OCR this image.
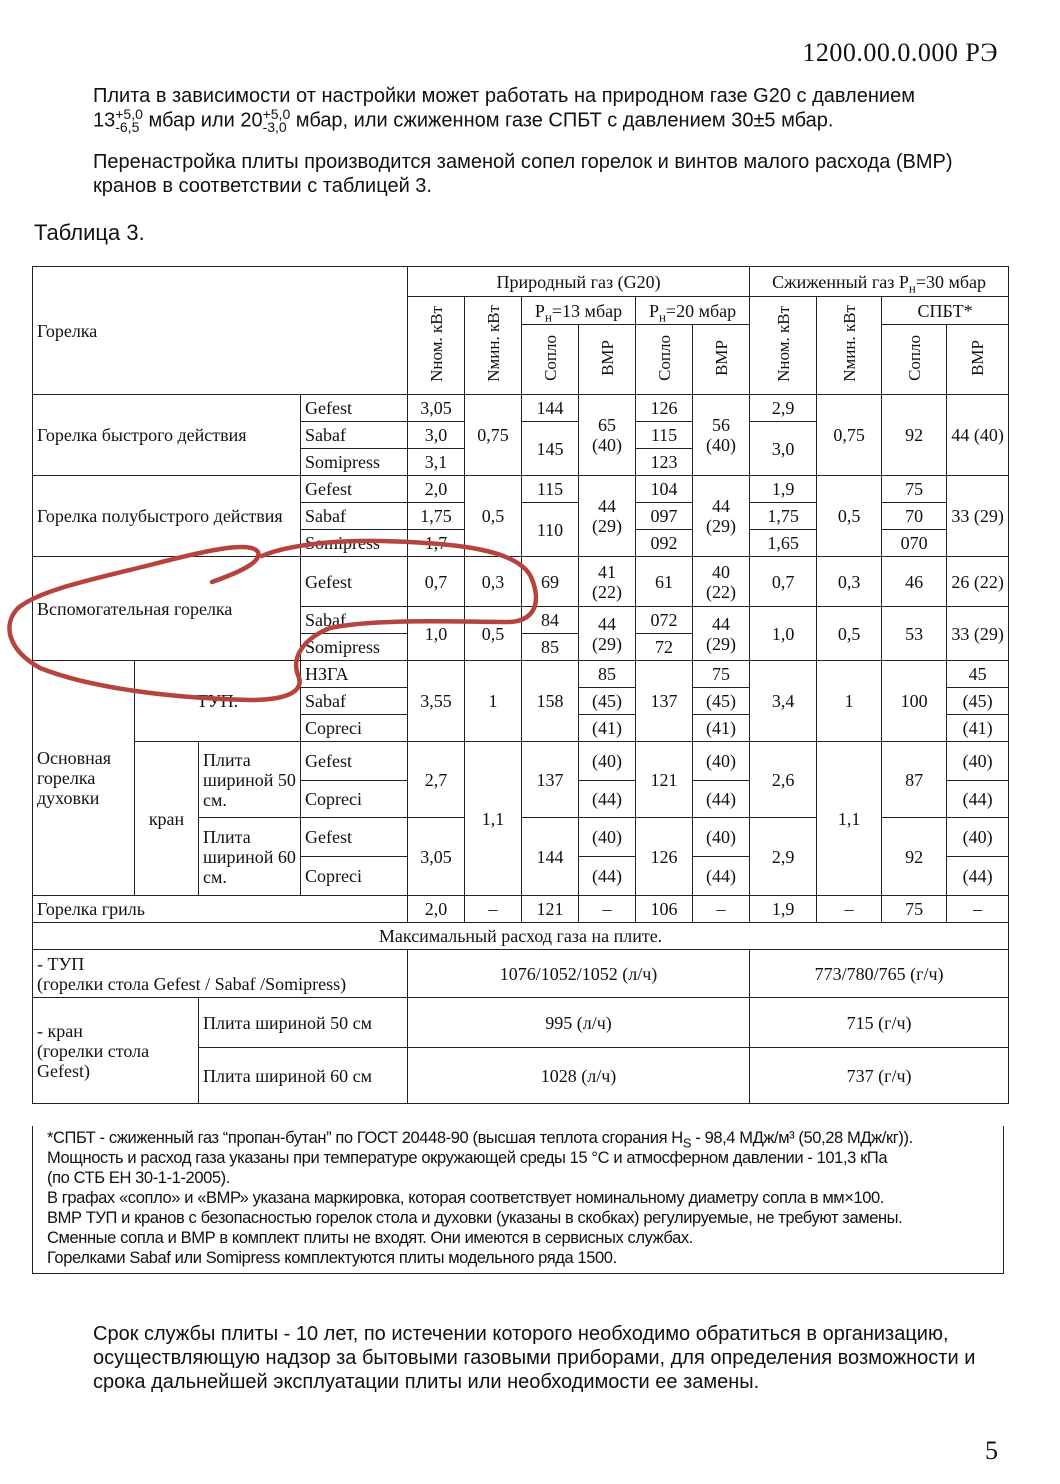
1200.00.0.000 РЭ
Плита в зависимости от настройки может работать на природном газе G20 с давлением
13 +5,0
-6,5 мбар или 20 +5,0
-3,0 мбар, или сжиженном газе СПБТ с давлением 30±5 мбар.
Перенастройка плиты производится заменой сопел горелок и винтов малого расхода (ВМР) кранов в соответствии с таблицей 3.
Таблица 3.
Горелка				Природный газ (G20)						Сжиженный газ $Р_н=30$ мбар			
				Nном. кВт	Nмин. кВт	$Р_н=13$ мбар		$Р_н=20$ мбар		Nном. кВт	Nмин. кВт	СПБТ*	
						Сопло	ВМР	Сопло	ВМР			Сопло	ВМР
Горелка быстрого действия			Gefest	3,05	0,75	144	65 (40)	126	56 (40)	2,9	0,75	92	44 (40)
			Sabaf	3,0		145		115		3,0			
			Somipress	3,1				123					
Горелка полубыстрого действия			Gefest	2,0	0,5	115	44 (29)	104	44 (29)	1,9	0,5	75	33 (29)
			Sabaf	1,75		110		097		1,75		70	
			Somipress	1,7				092		1,65		070	
Вспомогательная горелка			Gefest	0,7	0,3	69	41 (22)	61	40 (22)	0,7	0,3	46	26 (22)
			Sabaf	1,0	0,5	84	44 (29)	072	44 (29)	1,0	0,5	53	33 (29)
			Somipress			85		72					
Основная горелка духовки	ТУП.		НЗГА	3,55	1	158	85	137	75	3,4	1	100	45
			Sabaf				(45)		(45)				(45)
			Copreci				(41)		(41)				(41)
	кран	Плита шириной 50 см.	Gefest	2,7	1,1	137	(40)	121	(40)	2,6	1,1	87	(40)
			Copreci				(44)		(44)				(44)
		Плита шириной 60 см.	Gefest	3,05		144	(40)	126	(40)	2,9		92	(40)
			Copreci				(44)		(44)				(44)
Горелка гриль				2,0	–	121	–	106	–	1,9	–	75	–
Максимальный расход газа на плите.													
- ТУП
(горелки стола Gefest / Sabaf /Somipress)				1076/1052/1052 (л/ч)						773/780/765 (г/ч)			
- кран
(горелки стола
Gefest)		Плита шириной 50 см		995 (л/ч)						715 (г/ч)			
		Плита шириной 60 см		1028 (л/ч)						737 (г/ч)			
*СПБТ - сжиженный газ “пропан-бутан” по ГОСТ 20448-90 (высшая теплота сгорания $H_S - 98,4$ МДж/м³ (50,28 МДж/кг)).
Мощность и расход газа указаны при температуре окружающей среды 15 °С и атмосферном давлении - 101,3 кПа
(по СТБ ЕН 30-1-1-2005).
В графах «сопло» и «ВМР» указана маркировка, которая соответствует номинальному диаметру сопла в мм×100.
ВМР ТУП и кранов с безопасностью горелок стола и духовки (указаны в скобках) регулируемые, не требуют замены.
Сменные сопла и ВМР в комплект плиты не входят. Они имеются в сервисных службах.
Горелками Sabaf или Somipress комплектуются плиты модельного ряда 1500.
Срок службы плиты - 10 лет, по истечении которого необходимо обратиться в организацию, осуществляющую надзор за бытовыми газовыми приборами, для определения возможности и срока дальнейшей эксплуатации плиты или необходимости ее замены.
5
